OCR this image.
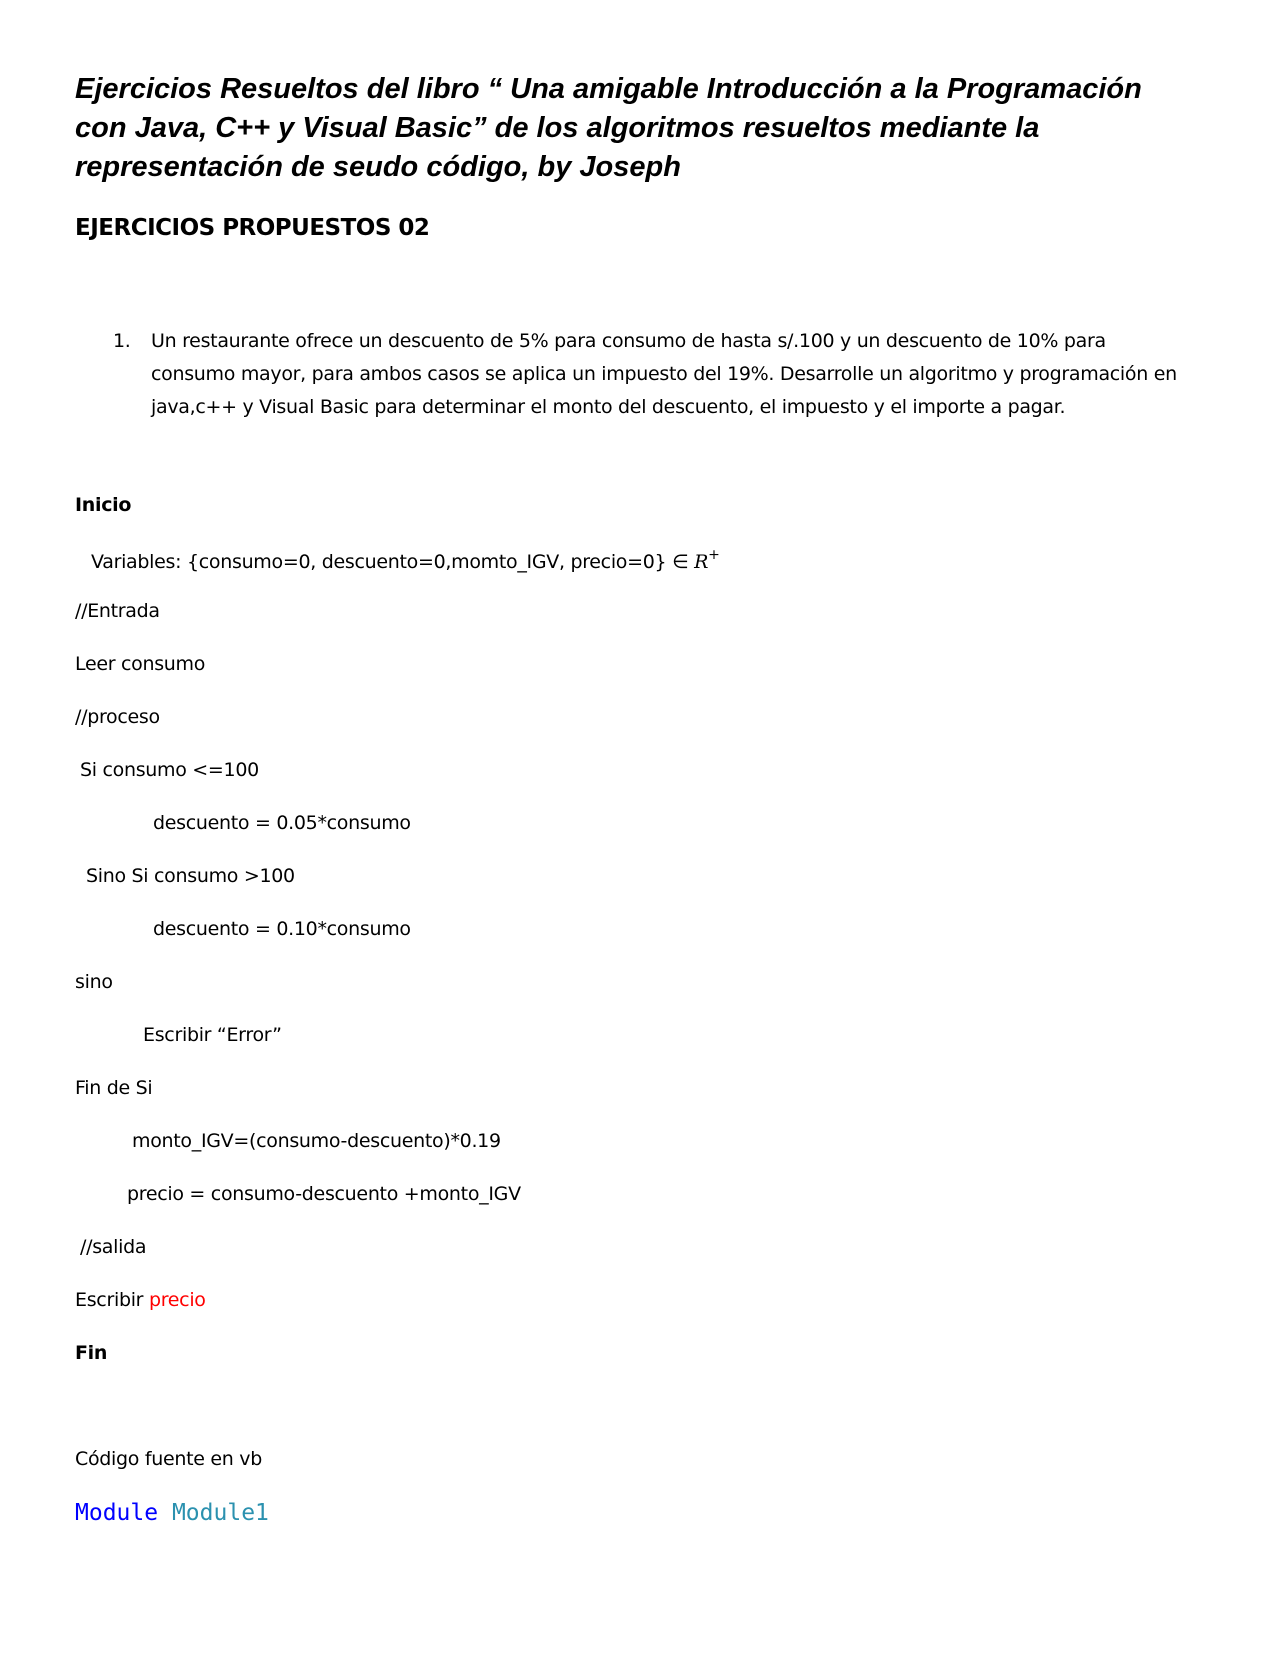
Ejercicios Resueltos del libro “ Una amigable Introducción a la Programación
con Java, C++ y Visual Basic” de los algoritmos resueltos mediante la
representación de seudo código, by Joseph
EJERCICIOS PROPUESTOS 02
1.	Un restaurante ofrece un descuento de 5% para consumo de hasta s/.100 y un descuento de 10% para
consumo mayor, para ambos casos se aplica un impuesto del 19%. Desarrolle un algoritmo y programación en
java,c++ y Visual Basic para determinar el monto del descuento, el impuesto y el importe a pagar.
Inicio
Variables: {consumo=0, descuento=0,momto_IGV, precio=0} ∈ R+
//Entrada
Leer consumo
//proceso
Si consumo <=100
descuento = 0.05*consumo
Sino Si consumo >100
descuento = 0.10*consumo
sino
Escribir “Error”
Fin de Si
monto_IGV=(consumo-descuento)*0.19
precio = consumo-descuento +monto_IGV
//salida
Escribir precio
Fin
Código fuente en vb
Module Module1
